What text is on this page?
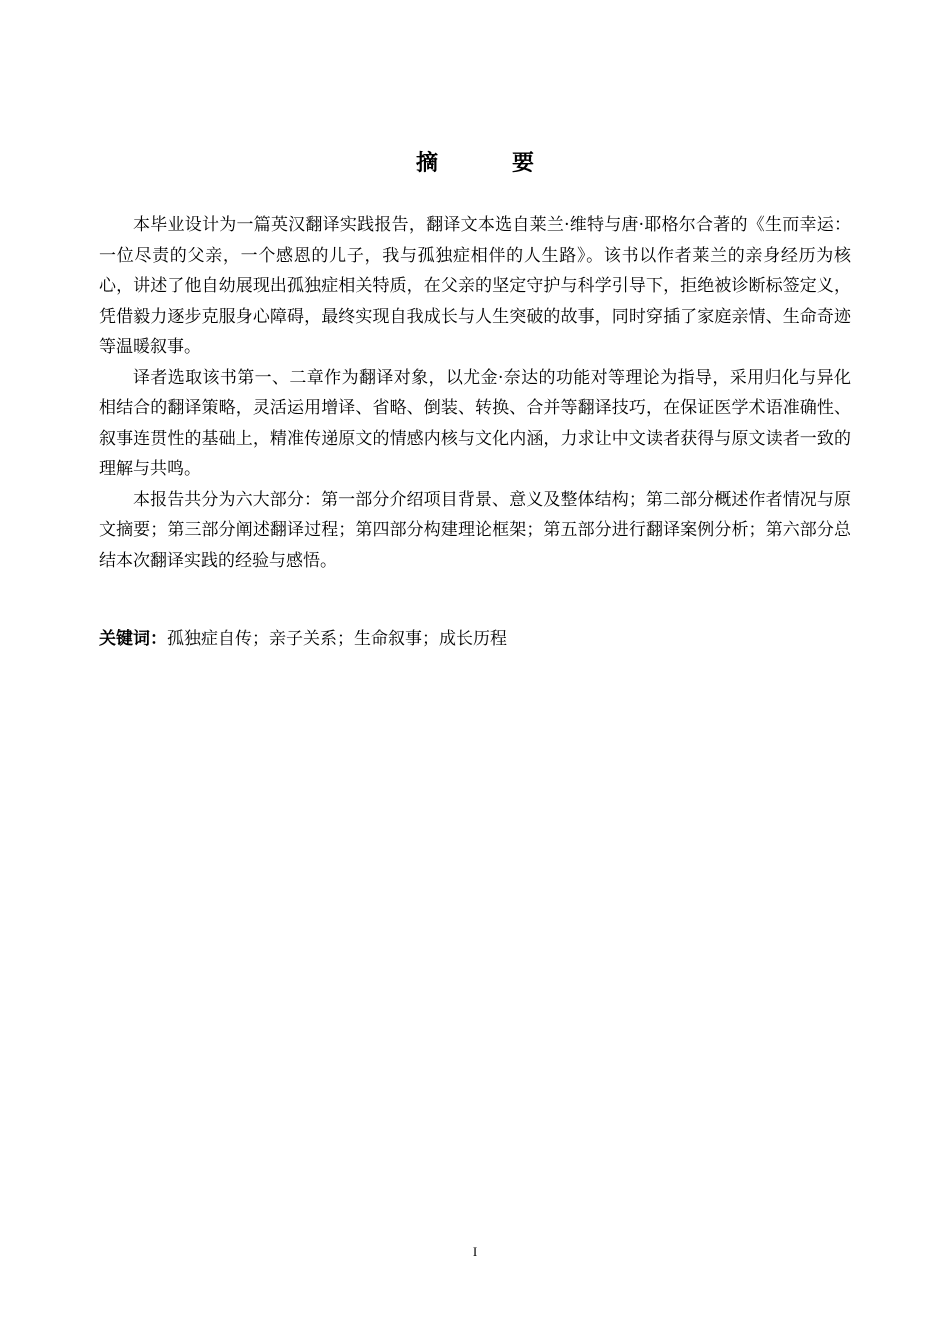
摘　要

本毕业设计为一篇英汉翻译实践报告，翻译文本选自莱兰·维特与唐·耶格尔合著的《生而幸运：一位尽责的父亲，一个感恩的儿子，我与孤独症相伴的人生路》。该书以作者莱兰的亲身经历为核心，讲述了他自幼展现出孤独症相关特质，在父亲的坚定守护与科学引导下，拒绝被诊断标签定义，凭借毅力逐步克服身心障碍，最终实现自我成长与人生突破的故事，同时穿插了家庭亲情、生命奇迹等温暖叙事。

译者选取该书第一、二章作为翻译对象，以尤金·奈达的功能对等理论为指导，采用归化与异化相结合的翻译策略，灵活运用增译、省略、倒装、转换、合并等翻译技巧，在保证医学术语准确性、叙事连贯性的基础上，精准传递原文的情感内核与文化内涵，力求让中文读者获得与原文读者一致的理解与共鸣。

本报告共分为六大部分：第一部分介绍项目背景、意义及整体结构；第二部分概述作者情况与原文摘要；第三部分阐述翻译过程；第四部分构建理论框架；第五部分进行翻译案例分析；第六部分总结本次翻译实践的经验与感悟。

关键词：孤独症自传；亲子关系；生命叙事；成长历程
I
